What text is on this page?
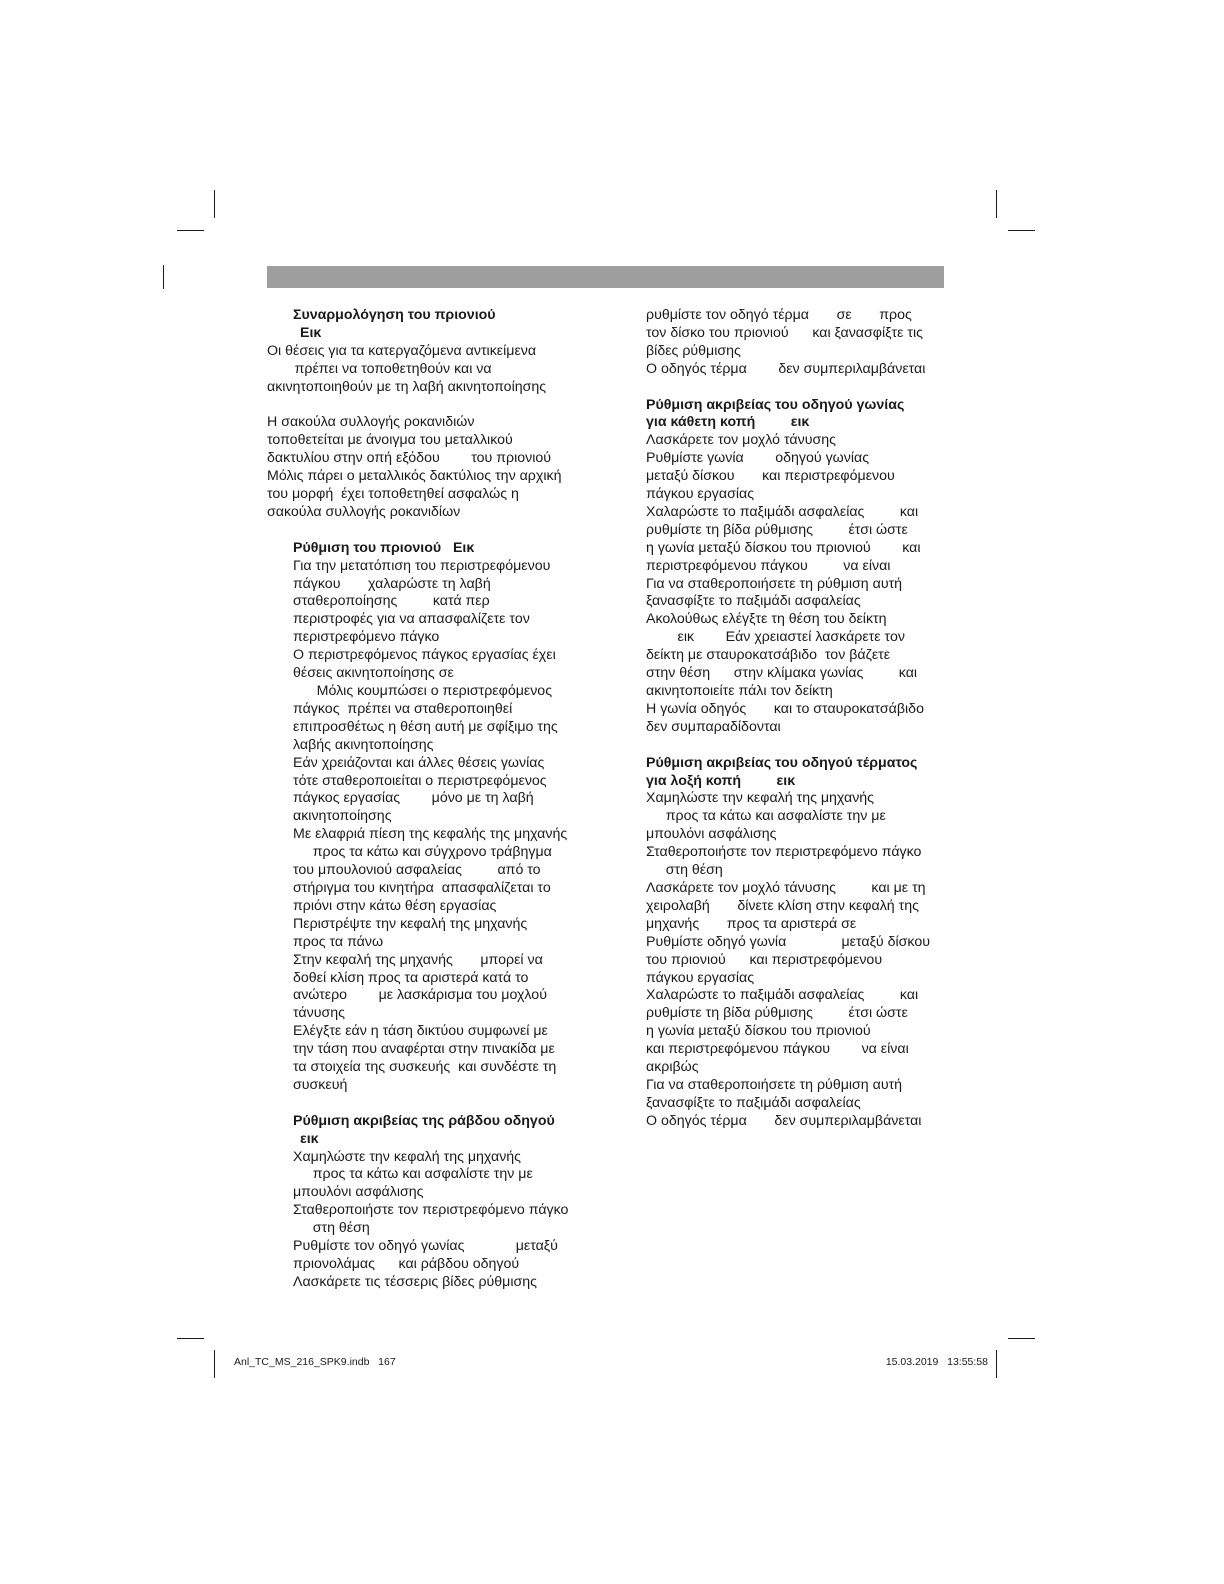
Συναρμολόγηση του πριονιού
Εικ
Οι θέσεις για τα κατεργαζόμενα αντικείμενα
πρέπει να τοποθετηθούν και να
ακινητοποιηθούν με τη λαβή ακινητοποίησης
Η σακούλα συλλογής ροκανιδιών
τοποθετείται με άνοιγμα του μεταλλικού
δακτυλίου στην οπή εξόδου        του πριονιού
Μόλις πάρει ο μεταλλικός δακτύλιος την αρχική
του μορφή  έχει τοποθετηθεί ασφαλώς η
σακούλα συλλογής ροκανιδίων
Ρύθμιση του πριονιού   Εικ
Για την μετατόπιση του περιστρεφόμενου
πάγκου       χαλαρώστε τη λαβή
σταθεροποίησης         κατά περ
περιστροφές για να απασφαλίζετε τον
περιστρεφόμενο πάγκο
Ο περιστρεφόμενος πάγκος εργασίας έχει
θέσεις ακινητοποίησης σε
Μόλις κουμπώσει ο περιστρεφόμενος
πάγκος  πρέπει να σταθεροποιηθεί
επιπροσθέτως η θέση αυτή με σφίξιμο της
λαβής ακινητοποίησης
Εάν χρειάζονται και άλλες θέσεις γωνίας
τότε σταθεροποιείται ο περιστρεφόμενος
πάγκος εργασίας        μόνο με τη λαβή
ακινητοποίησης
Με ελαφριά πίεση της κεφαλής της μηχανής
προς τα κάτω και σύγχρονο τράβηγμα
του μπουλονιού ασφαλείας         από το
στήριγμα του κινητήρα  απασφαλίζεται το
πριόνι στην κάτω θέση εργασίας
Περιστρέψτε την κεφαλή της μηχανής
προς τα πάνω
Στην κεφαλή της μηχανής       μπορεί να
δοθεί κλίση προς τα αριστερά κατά το
ανώτερο        με λασκάρισμα του μοχλού
τάνυσης
Ελέγξτε εάν η τάση δικτύου συμφωνεί με
την τάση που αναφέρται στην πινακίδα με
τα στοιχεία της συσκευής  και συνδέστε τη
συσκευή
Ρύθμιση ακριβείας της ράβδου οδηγού
εικ
Χαμηλώστε την κεφαλή της μηχανής
προς τα κάτω και ασφαλίστε την με
μπουλόνι ασφάλισης
Σταθεροποιήστε τον περιστρεφόμενο πάγκο
στη θέση
Ρυθμίστε τον οδηγό γωνίας             μεταξύ
πριονολάμας      και ράβδου οδηγού
Λασκάρετε τις τέσσερις βίδες ρύθμισης
ρυθμίστε τον οδηγό τέρμα       σε       προς
τον δίσκο του πριονιού      και ξανασφίξτε τις
βίδες ρύθμισης
Ο οδηγός τέρμα        δεν συμπεριλαμβάνεται
Ρύθμιση ακριβείας του οδηγού γωνίας
για κάθετη κοπή         εικ
Λασκάρετε τον μοχλό τάνυσης
Ρυθμίστε γωνία        οδηγού γωνίας
μεταξύ δίσκου       και περιστρεφόμενου
πάγκου εργασίας
Χαλαρώστε το παξιμάδι ασφαλείας         και
ρυθμίστε τη βίδα ρύθμισης         έτσι ώστε
η γωνία μεταξύ δίσκου του πριονιού        και
περιστρεφόμενου πάγκου         να είναι
Για να σταθεροποιήσετε τη ρύθμιση αυτή
ξανασφίξτε το παξιμάδι ασφαλείας
Ακολούθως ελέγξτε τη θέση του δείκτη
εικ        Εάν χρειαστεί λασκάρετε τον
δείκτη με σταυροκατσάβιδο  τον βάζετε
στην θέση      στην κλίμακα γωνίας         και
ακινητοποιείτε πάλι τον δείκτη
Η γωνία οδηγός       και το σταυροκατσάβιδο
δεν συμπαραδίδονται
Ρύθμιση ακριβείας του οδηγού τέρματος
για λοξή κοπή         εικ
Χαμηλώστε την κεφαλή της μηχανής
προς τα κάτω και ασφαλίστε την με
μπουλόνι ασφάλισης
Σταθεροποιήστε τον περιστρεφόμενο πάγκο
στη θέση
Λασκάρετε τον μοχλό τάνυσης         και με τη
χειρολαβή       δίνετε κλίση στην κεφαλή της
μηχανής       προς τα αριστερά σε
Ρυθμίστε οδηγό γωνία              μεταξύ δίσκου
του πριονιού      και περιστρεφόμενου
πάγκου εργασίας
Χαλαρώστε το παξιμάδι ασφαλείας         και
ρυθμίστε τη βίδα ρύθμισης         έτσι ώστε
η γωνία μεταξύ δίσκου του πριονιού
και περιστρεφόμενου πάγκου        να είναι
ακριβώς
Για να σταθεροποιήσετε τη ρύθμιση αυτή
ξανασφίξτε το παξιμάδι ασφαλείας
Ο οδηγός τέρμα       δεν συμπεριλαμβάνεται
Anl_TC_MS_216_SPK9.indb   167	15.03.2019   13:55:58
